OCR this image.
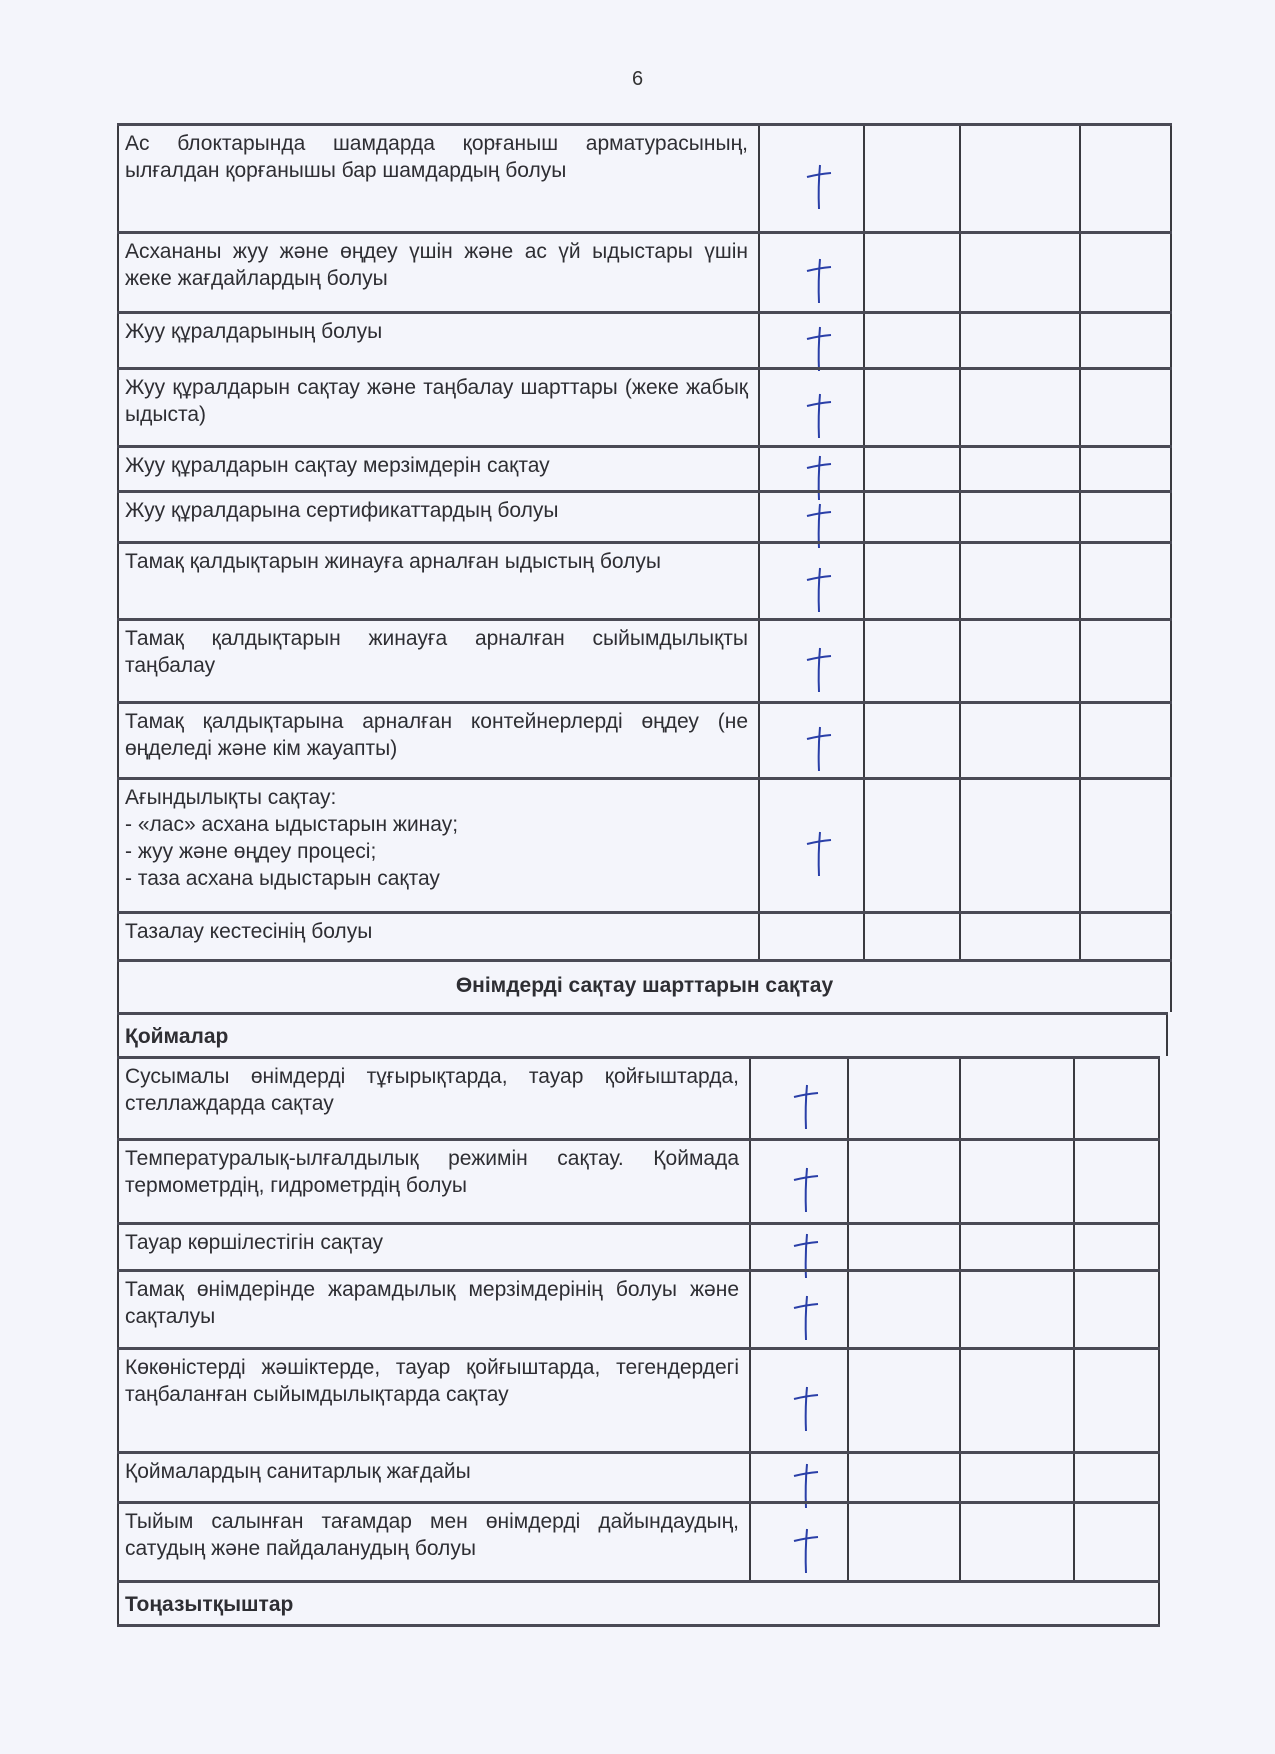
6
Ас блоктарында шамдарда қорғаныш арматурасының, ылғалдан қорғанышы бар шамдардың болуы
Асхананы жуу және өңдеу үшін және ас үй ыдыстары үшін жеке жағдайлардың болуы
Жуу құралдарының болуы
Жуу құралдарын сақтау және таңбалау шарттары (жеке жабық ыдыста)
Жуу құралдарын сақтау мерзімдерін сақтау
Жуу құралдарына сертификаттардың болуы
Тамақ қалдықтарын жинауға арналған ыдыстың болуы
Тамақ қалдықтарын жинауға арналған сыйымдылықты таңбалау
Тамақ қалдықтарына арналған контейнерлерді өңдеу (не өңделеді және кім жауапты)
Ағындылықты сақтау:
- «лас» асхана ыдыстарын жинау;
- жуу және өңдеу процесі;
- таза асхана ыдыстарын сақтау
Тазалау кестесінің болуы
Өнімдерді сақтау шарттарын сақтау
Қоймалар
Сусымалы өнімдерді тұғырықтарда, тауар қойғыштарда, стеллаждарда сақтау
Температуралық-ылғалдылық режимін сақтау. Қоймада термометрдің, гидрометрдің болуы
Тауар көршілестігін сақтау
Тамақ өнімдерінде жарамдылық мерзімдерінің болуы және сақталуы
Көкөністерді жәшіктерде, тауар қойғыштарда, тегендердегі таңбаланған сыйымдылықтарда сақтау
Қоймалардың санитарлық жағдайы
Тыйым салынған тағамдар мен өнімдерді дайындаудың, сатудың және пайдаланудың болуы
Тоңазытқыштар
